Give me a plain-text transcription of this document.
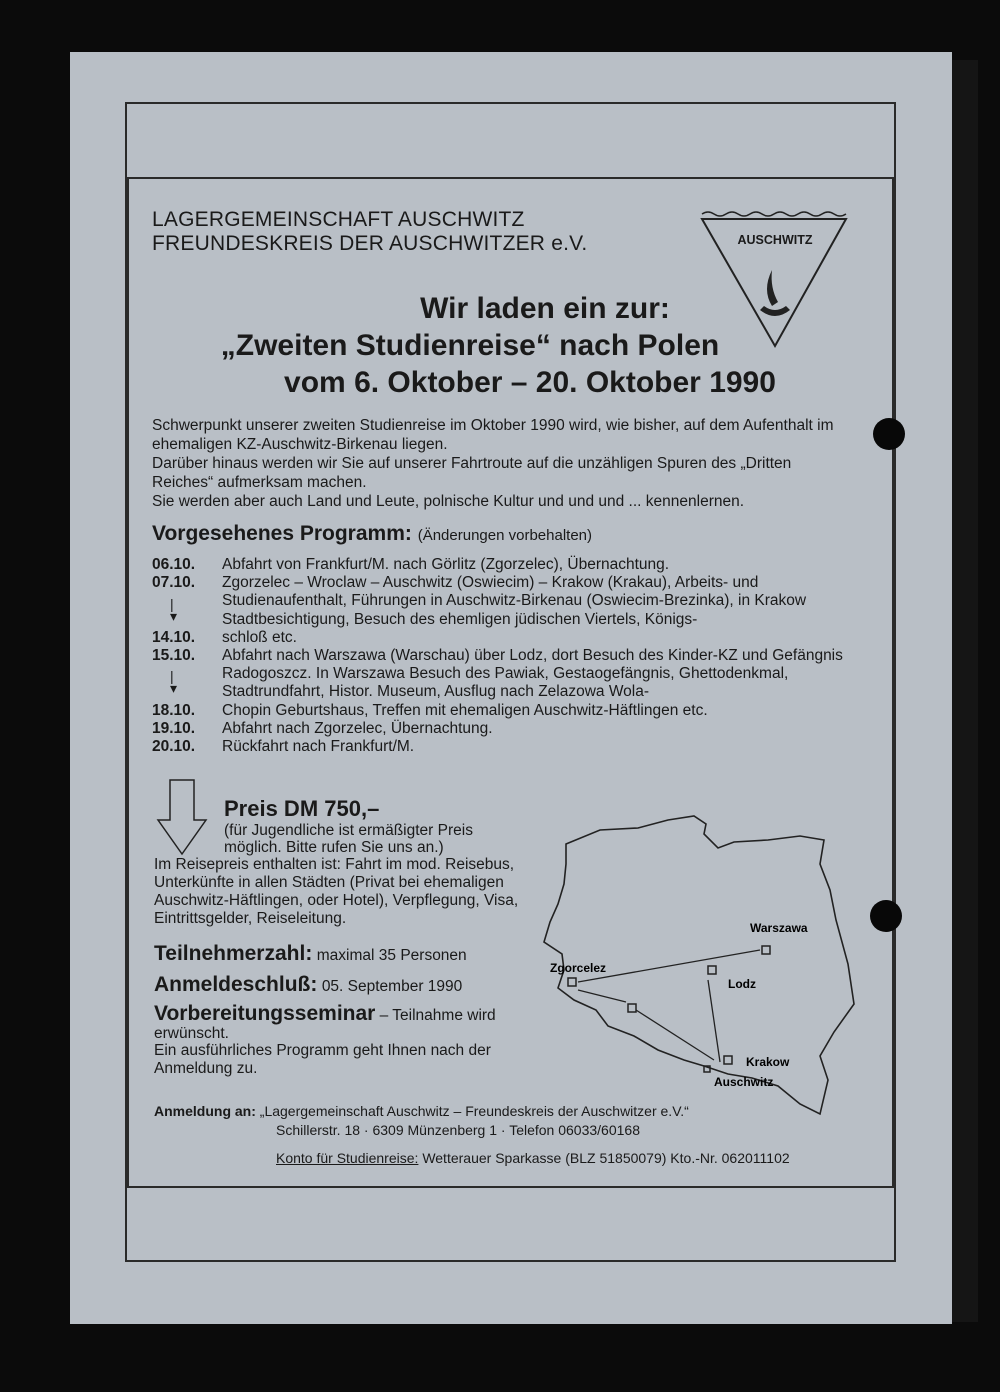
LAGERGEMEINSCHAFT AUSCHWITZ
FREUNDESKREIS DER AUSCHWITZER e.V.	AUSCHWITZ
Wir laden ein zur:
„Zweiten Studienreise“ nach Polen
vom 6. Oktober – 20. Oktober 1990
Schwerpunkt unserer zweiten Studienreise im Oktober 1990 wird, wie bisher, auf dem Aufenthalt im ehemaligen KZ-Auschwitz-Birkenau liegen.
Darüber hinaus werden wir Sie auf unserer Fahrtroute auf die unzähligen Spuren des „Dritten Reiches“ aufmerksam machen.
Sie werden aber auch Land und Leute, polnische Kultur und und und ... kennenlernen.
Vorgesehenes Programm: (Änderungen vorbehalten)
06.10.	Abfahrt von Frankfurt/M. nach Görlitz (Zgorzelec), Übernachtung.
07.10.	Zgorzelec – Wroclaw – Auschwitz (Oswiecim) – Krakow (Krakau), Arbeits- und Studienaufenthalt, Führungen in Auschwitz-Birkenau (Oswiecim-Brezinka), in Krakow Stadtbesichtigung, Besuch des ehemligen jüdischen Viertels, Königs-
14.10.	schloß etc.
15.10.	Abfahrt nach Warszawa (Warschau) über Lodz, dort Besuch des Kinder-KZ und Gefängnis Radogoszcz. In Warszawa Besuch des Pawiak, Gestaogefängnis, Ghettodenkmal, Stadtrundfahrt, Histor. Museum, Ausflug nach Zelazowa Wola-
18.10.	Chopin Geburtshaus, Treffen mit ehemaligen Auschwitz-Häftlingen etc.
19.10.	Abfahrt nach Zgorzelec, Übernachtung.
20.10.	Rückfahrt nach Frankfurt/M.
Preis DM 750,–
(für Jugendliche ist ermäßigter Preis möglich. Bitte rufen Sie uns an.)
Im Reisepreis enthalten ist: Fahrt im mod. Reisebus, Unterkünfte in allen Städten (Privat bei ehemaligen Auschwitz-Häftlingen, oder Hotel), Verpflegung, Visa, Eintrittsgelder, Reiseleitung.
Teilnehmerzahl: maximal 35 Personen
Anmeldeschluß: 05. September 1990
Vorbereitungsseminar – Teilnahme wird erwünscht.
Ein ausführliches Programm geht Ihnen nach der Anmeldung zu.
Warszawa
Zgorcelez
Lodz
Krakow
Auschwitz
Anmeldung an: „Lagergemeinschaft Auschwitz – Freundeskreis der Auschwitzer e.V.“
Schillerstr. 18 · 6309 Münzenberg 1 · Telefon 06033/60168
Konto für Studienreise: Wetterauer Sparkasse (BLZ 51850079) Kto.-Nr. 062011102
|
▾
|
▾
